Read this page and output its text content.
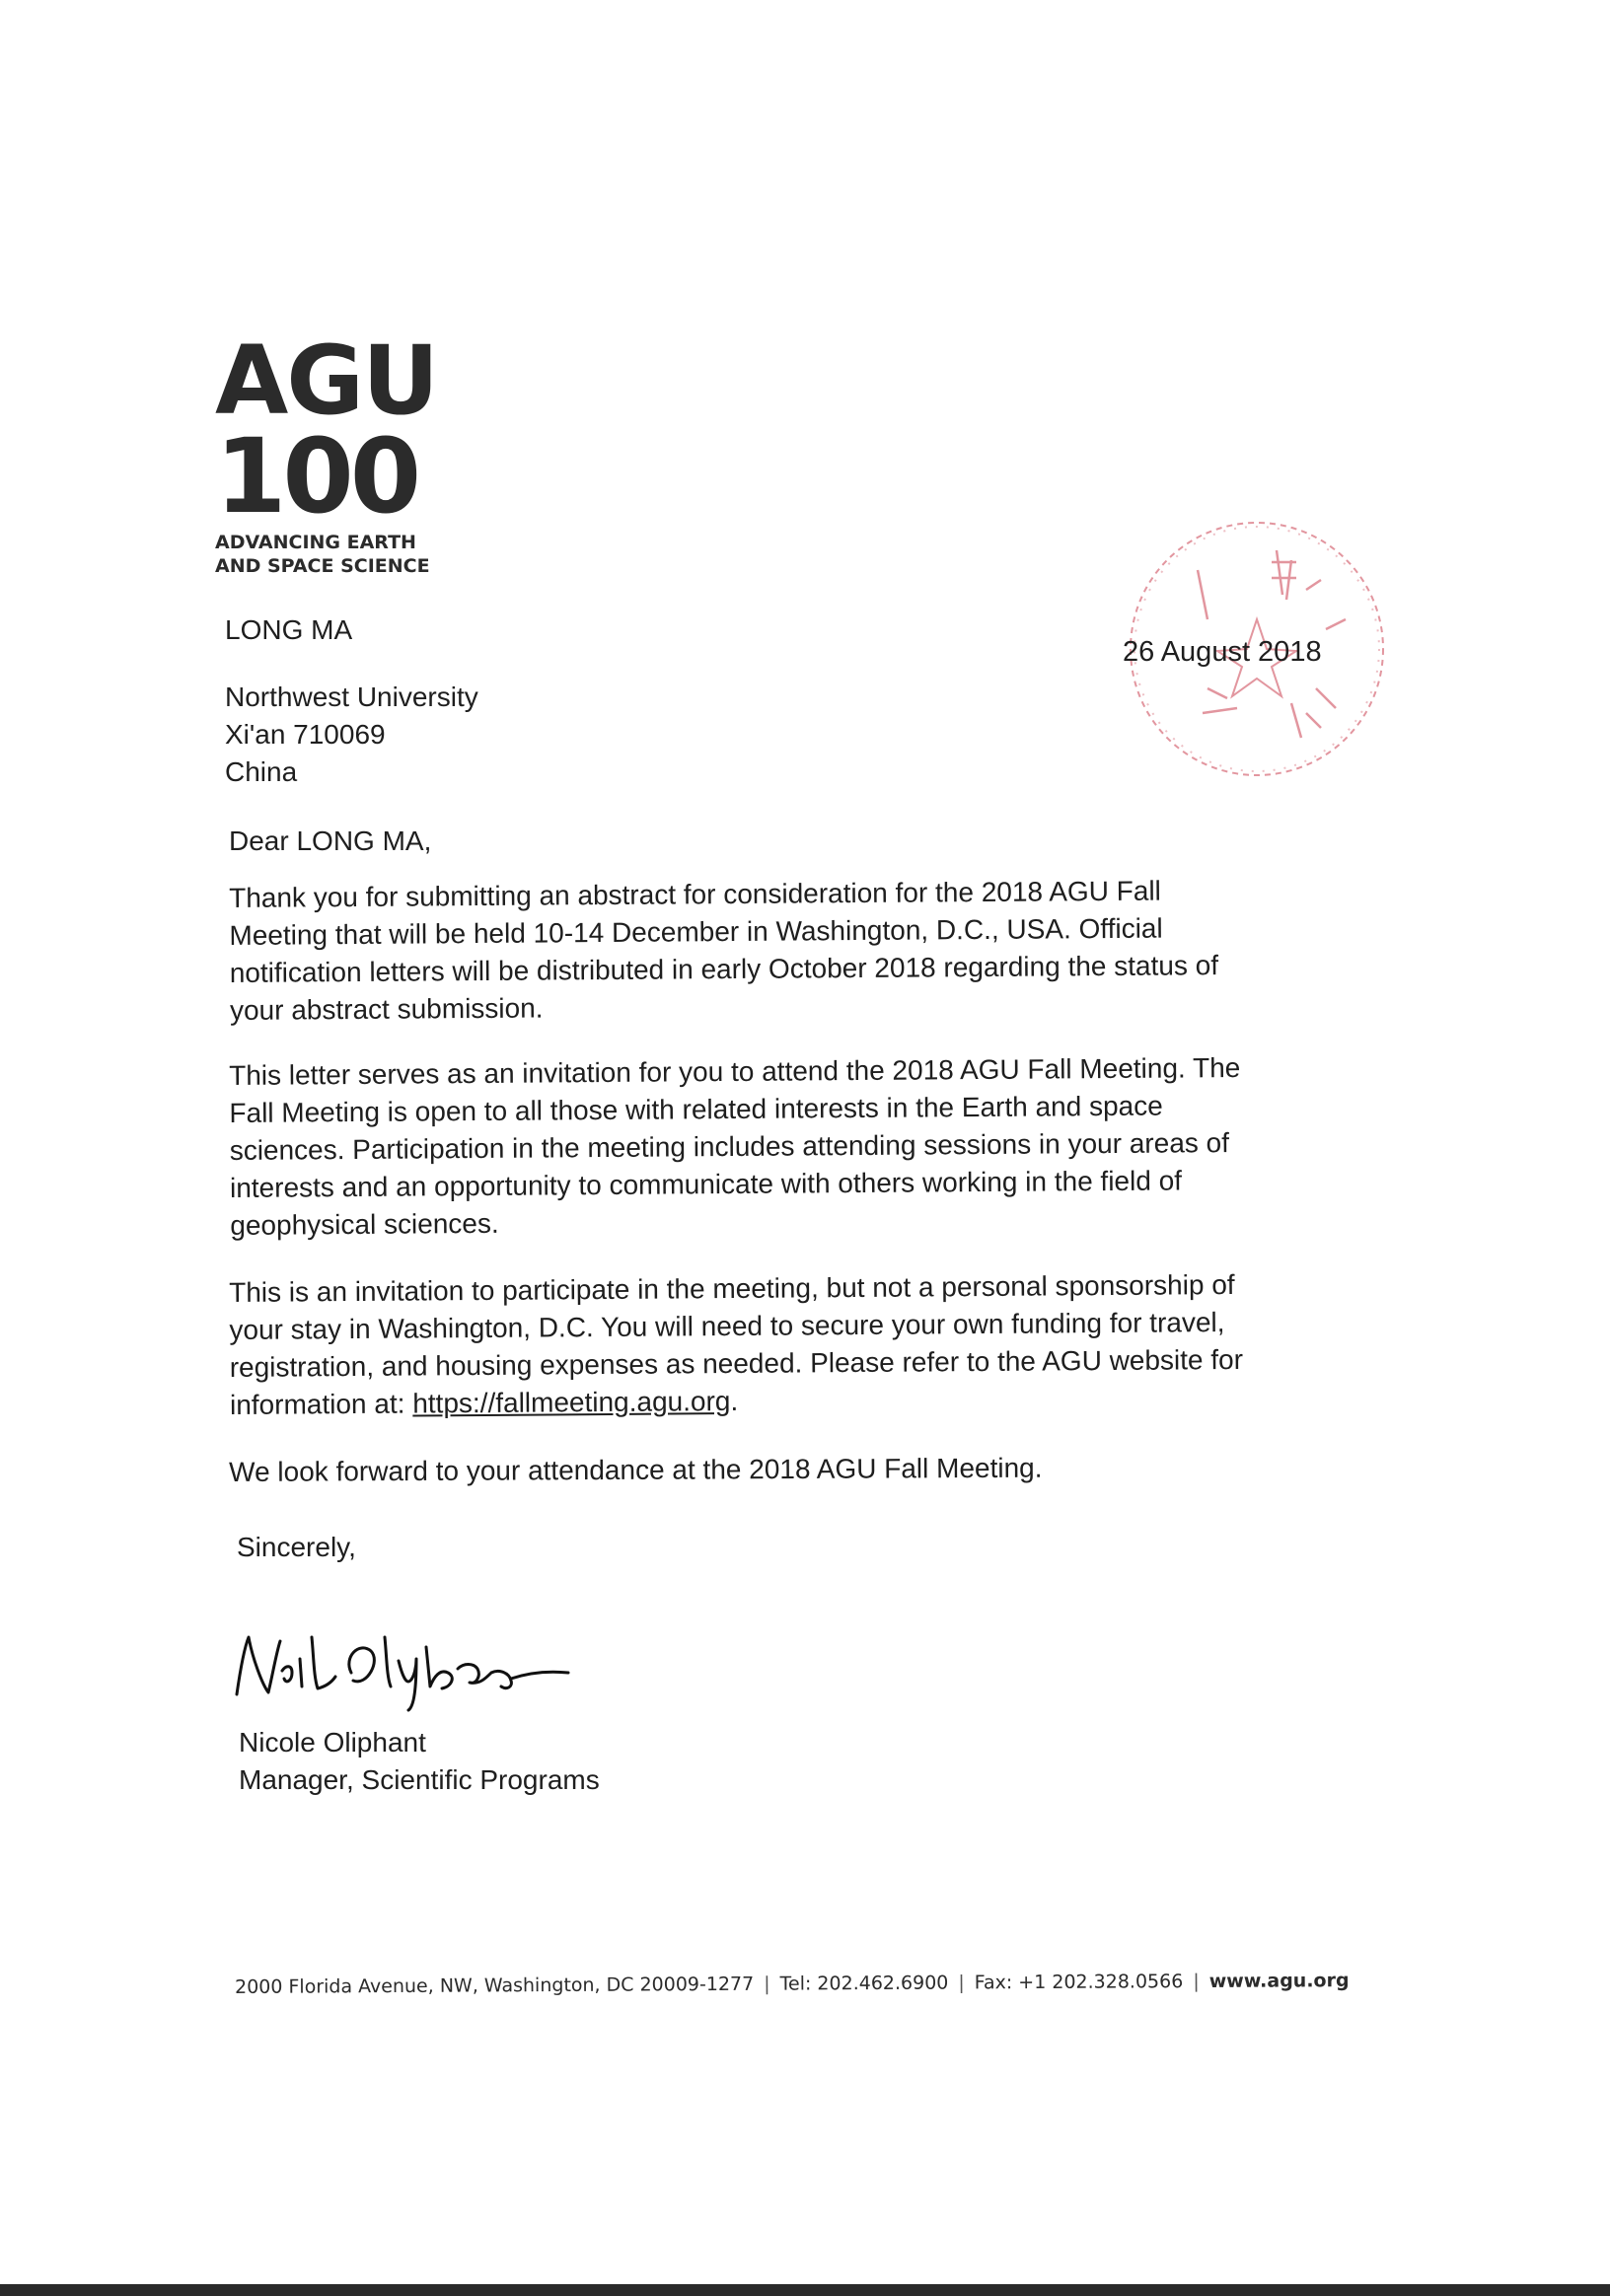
AGU
100
ADVANCING EARTH
AND SPACE SCIENCE
LONG MA
Northwest University
Xi'an 710069
China
26 August 2018
Dear LONG MA,
Thank you for submitting an abstract for consideration for the 2018 AGU Fall
Meeting that will be held 10-14 December in Washington, D.C., USA. Official
notification letters will be distributed in early October 2018 regarding the status of
your abstract submission.
This letter serves as an invitation for you to attend the 2018 AGU Fall Meeting. The
Fall Meeting is open to all those with related interests in the Earth and space
sciences. Participation in the meeting includes attending sessions in your areas of
interests and an opportunity to communicate with others working in the field of
geophysical sciences.
This is an invitation to participate in the meeting, but not a personal sponsorship of
your stay in Washington, D.C. You will need to secure your own funding for travel,
registration, and housing expenses as needed. Please refer to the AGU website for
information at: https://fallmeeting.agu.org.
We look forward to your attendance at the 2018 AGU Fall Meeting.
Sincerely,
Nicole Oliphant
Manager, Scientific Programs
2000 Florida Avenue, NW, Washington, DC 20009-1277 | Tel: 202.462.6900 | Fax: +1 202.328.0566 | www.agu.org
